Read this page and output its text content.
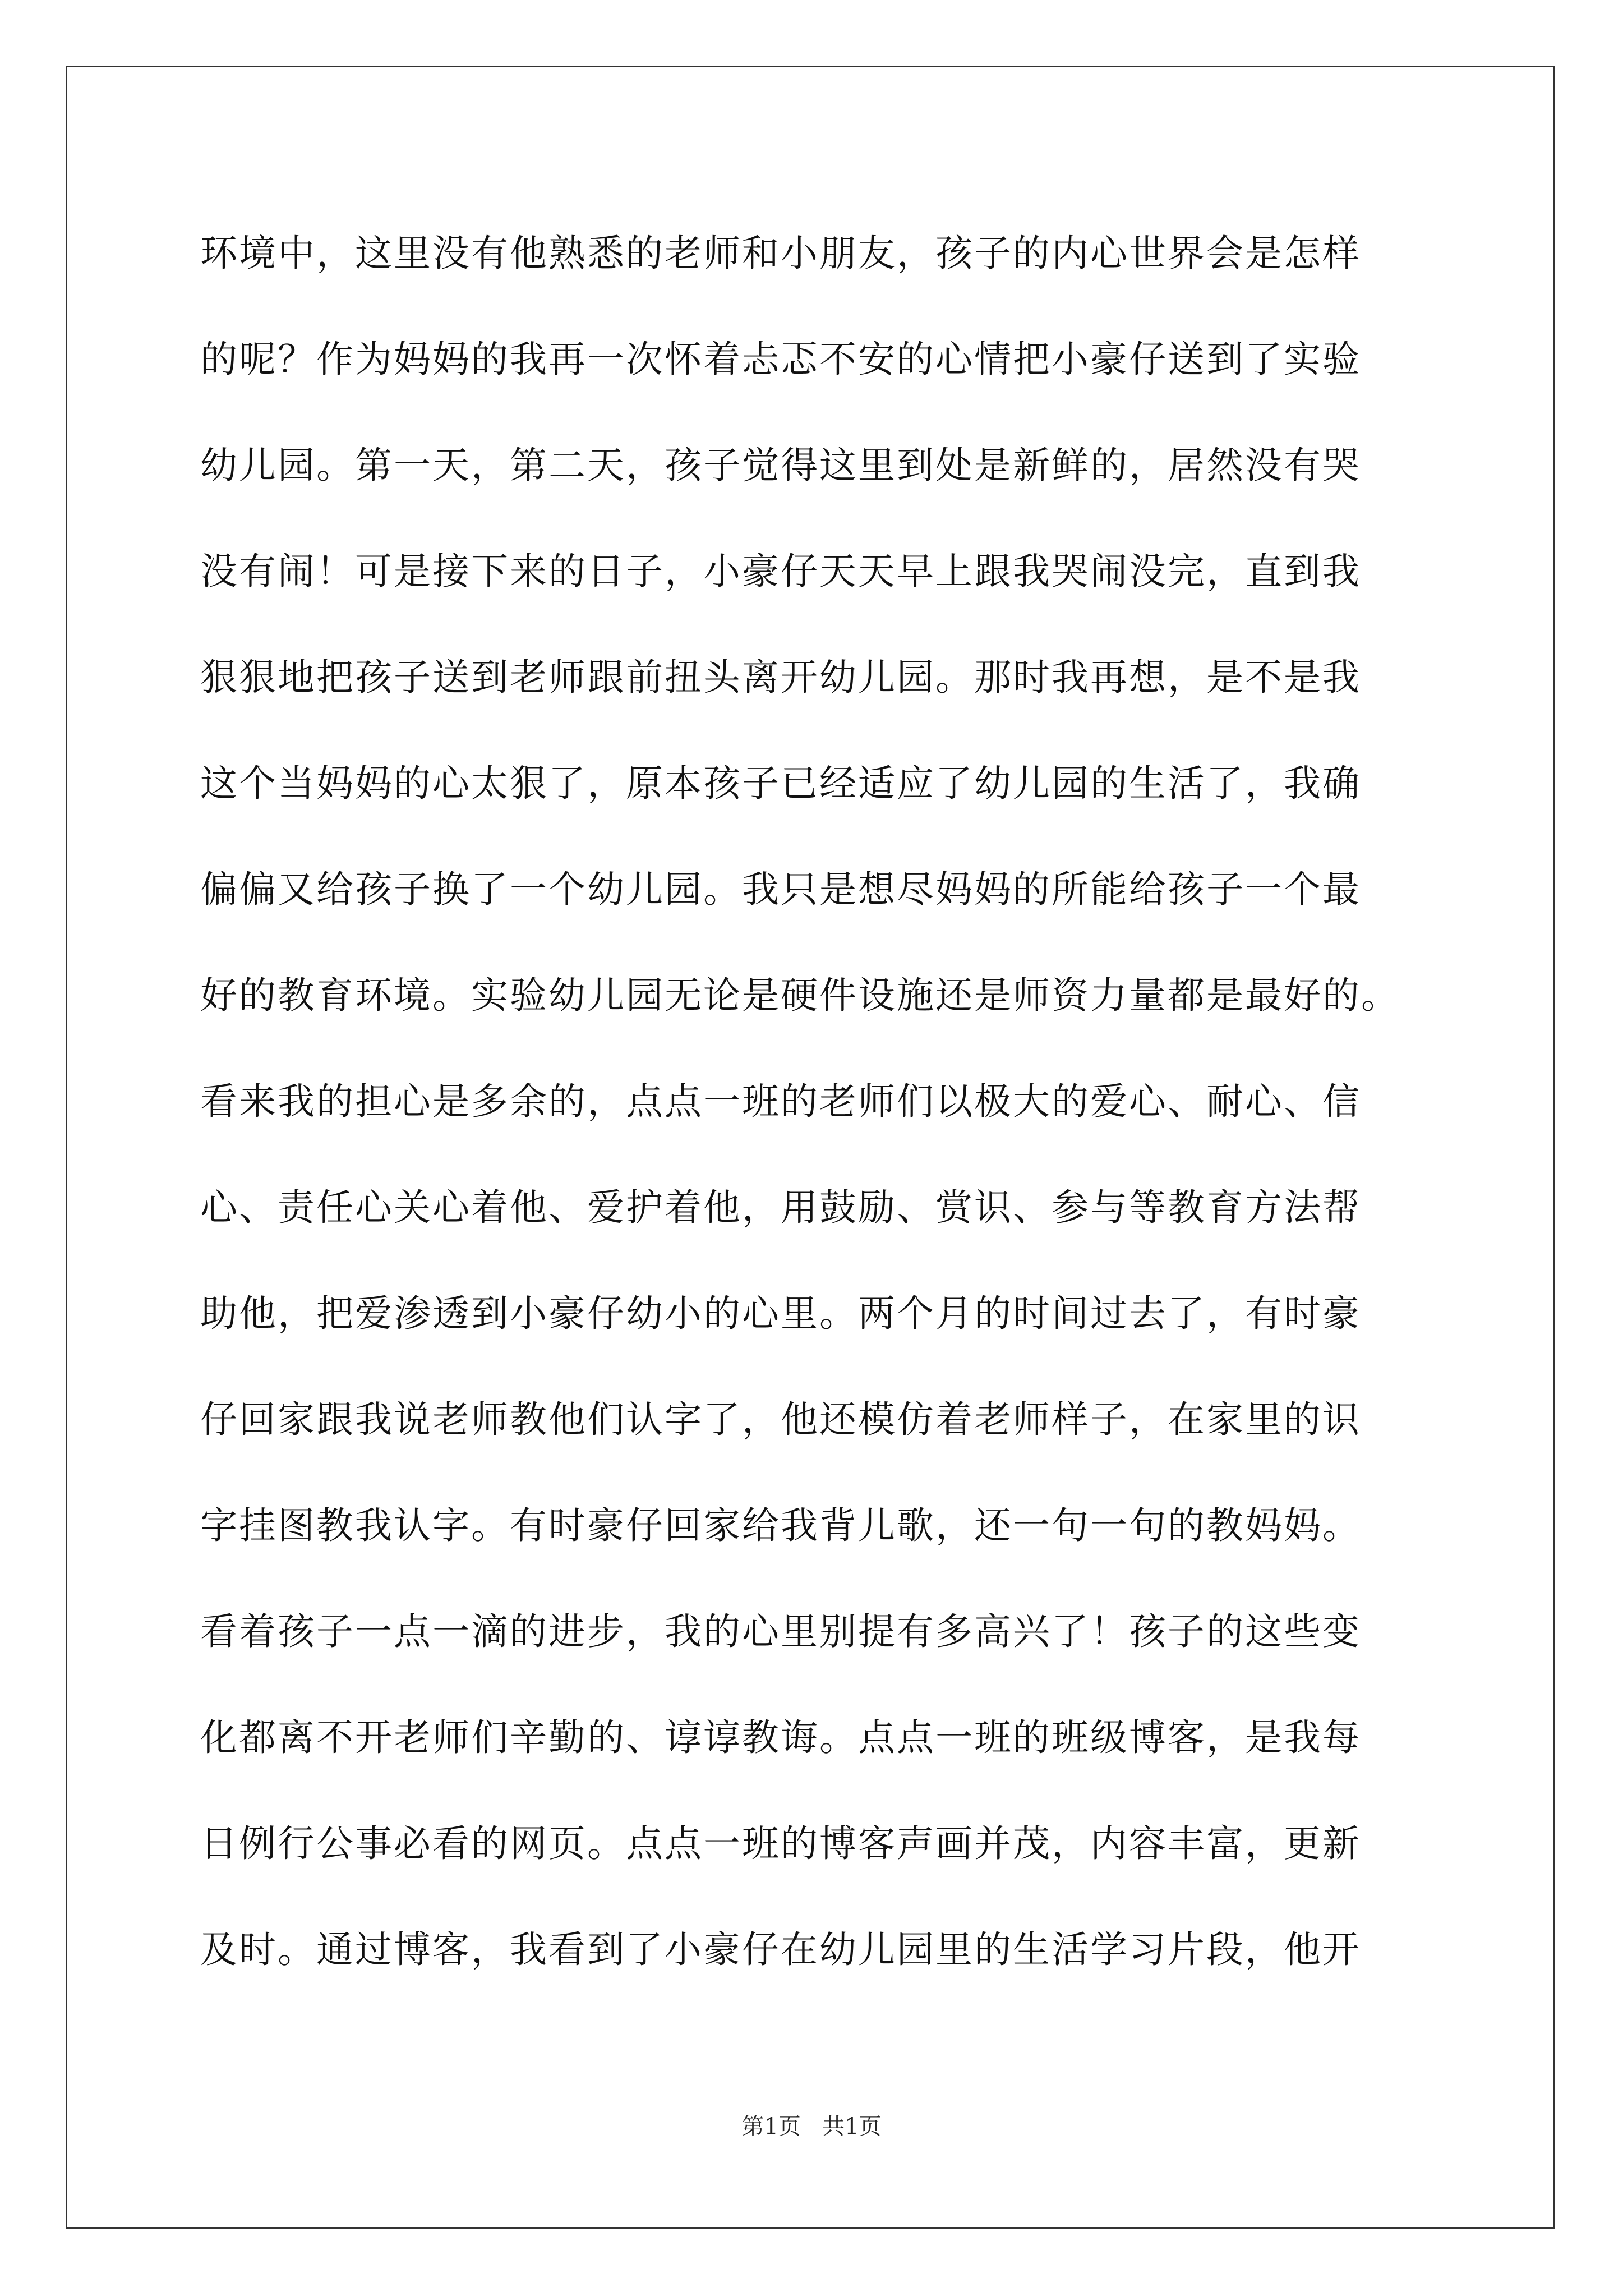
环境中，这里没有他熟悉的老师和小朋友，孩子的内心世界会是怎样
的呢？作为妈妈的我再一次怀着忐忑不安的心情把小豪仔送到了实验
幼儿园。第一天，第二天，孩子觉得这里到处是新鲜的，居然没有哭
没有闹！可是接下来的日子，小豪仔天天早上跟我哭闹没完，直到我
狠狠地把孩子送到老师跟前扭头离开幼儿园。那时我再想，是不是我
这个当妈妈的心太狠了，原本孩子已经适应了幼儿园的生活了，我确
偏偏又给孩子换了一个幼儿园。我只是想尽妈妈的所能给孩子一个最
好的教育环境。实验幼儿园无论是硬件设施还是师资力量都是最好的。
看来我的担心是多余的，点点一班的老师们以极大的爱心、耐心、信
心、责任心关心着他、爱护着他，用鼓励、赏识、参与等教育方法帮
助他，把爱渗透到小豪仔幼小的心里。两个月的时间过去了，有时豪
仔回家跟我说老师教他们认字了，他还模仿着老师样子，在家里的识
字挂图教我认字。有时豪仔回家给我背儿歌，还一句一句的教妈妈。
看着孩子一点一滴的进步，我的心里别提有多高兴了！孩子的这些变
化都离不开老师们辛勤的、谆谆教诲。点点一班的班级博客，是我每
日例行公事必看的网页。点点一班的博客声画并茂，内容丰富，更新
及时。通过博客，我看到了小豪仔在幼儿园里的生活学习片段，他开
第1页 共1页
